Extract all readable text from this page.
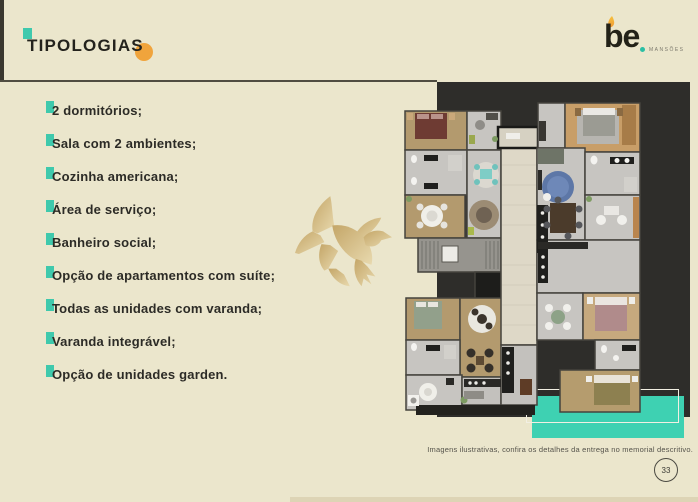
TIPOLOGIAS	be MANSÕES
2 dormitórios;
Sala com 2 ambientes;
Cozinha americana;
Área de serviço;
Banheiro social;
Opção de apartamentos com suíte;
Todas as unidades com varanda;
Varanda integrável;
Opção de unidades garden.
Imagens ilustrativas, confira os detalhes da entrega no memorial descritivo.
33
